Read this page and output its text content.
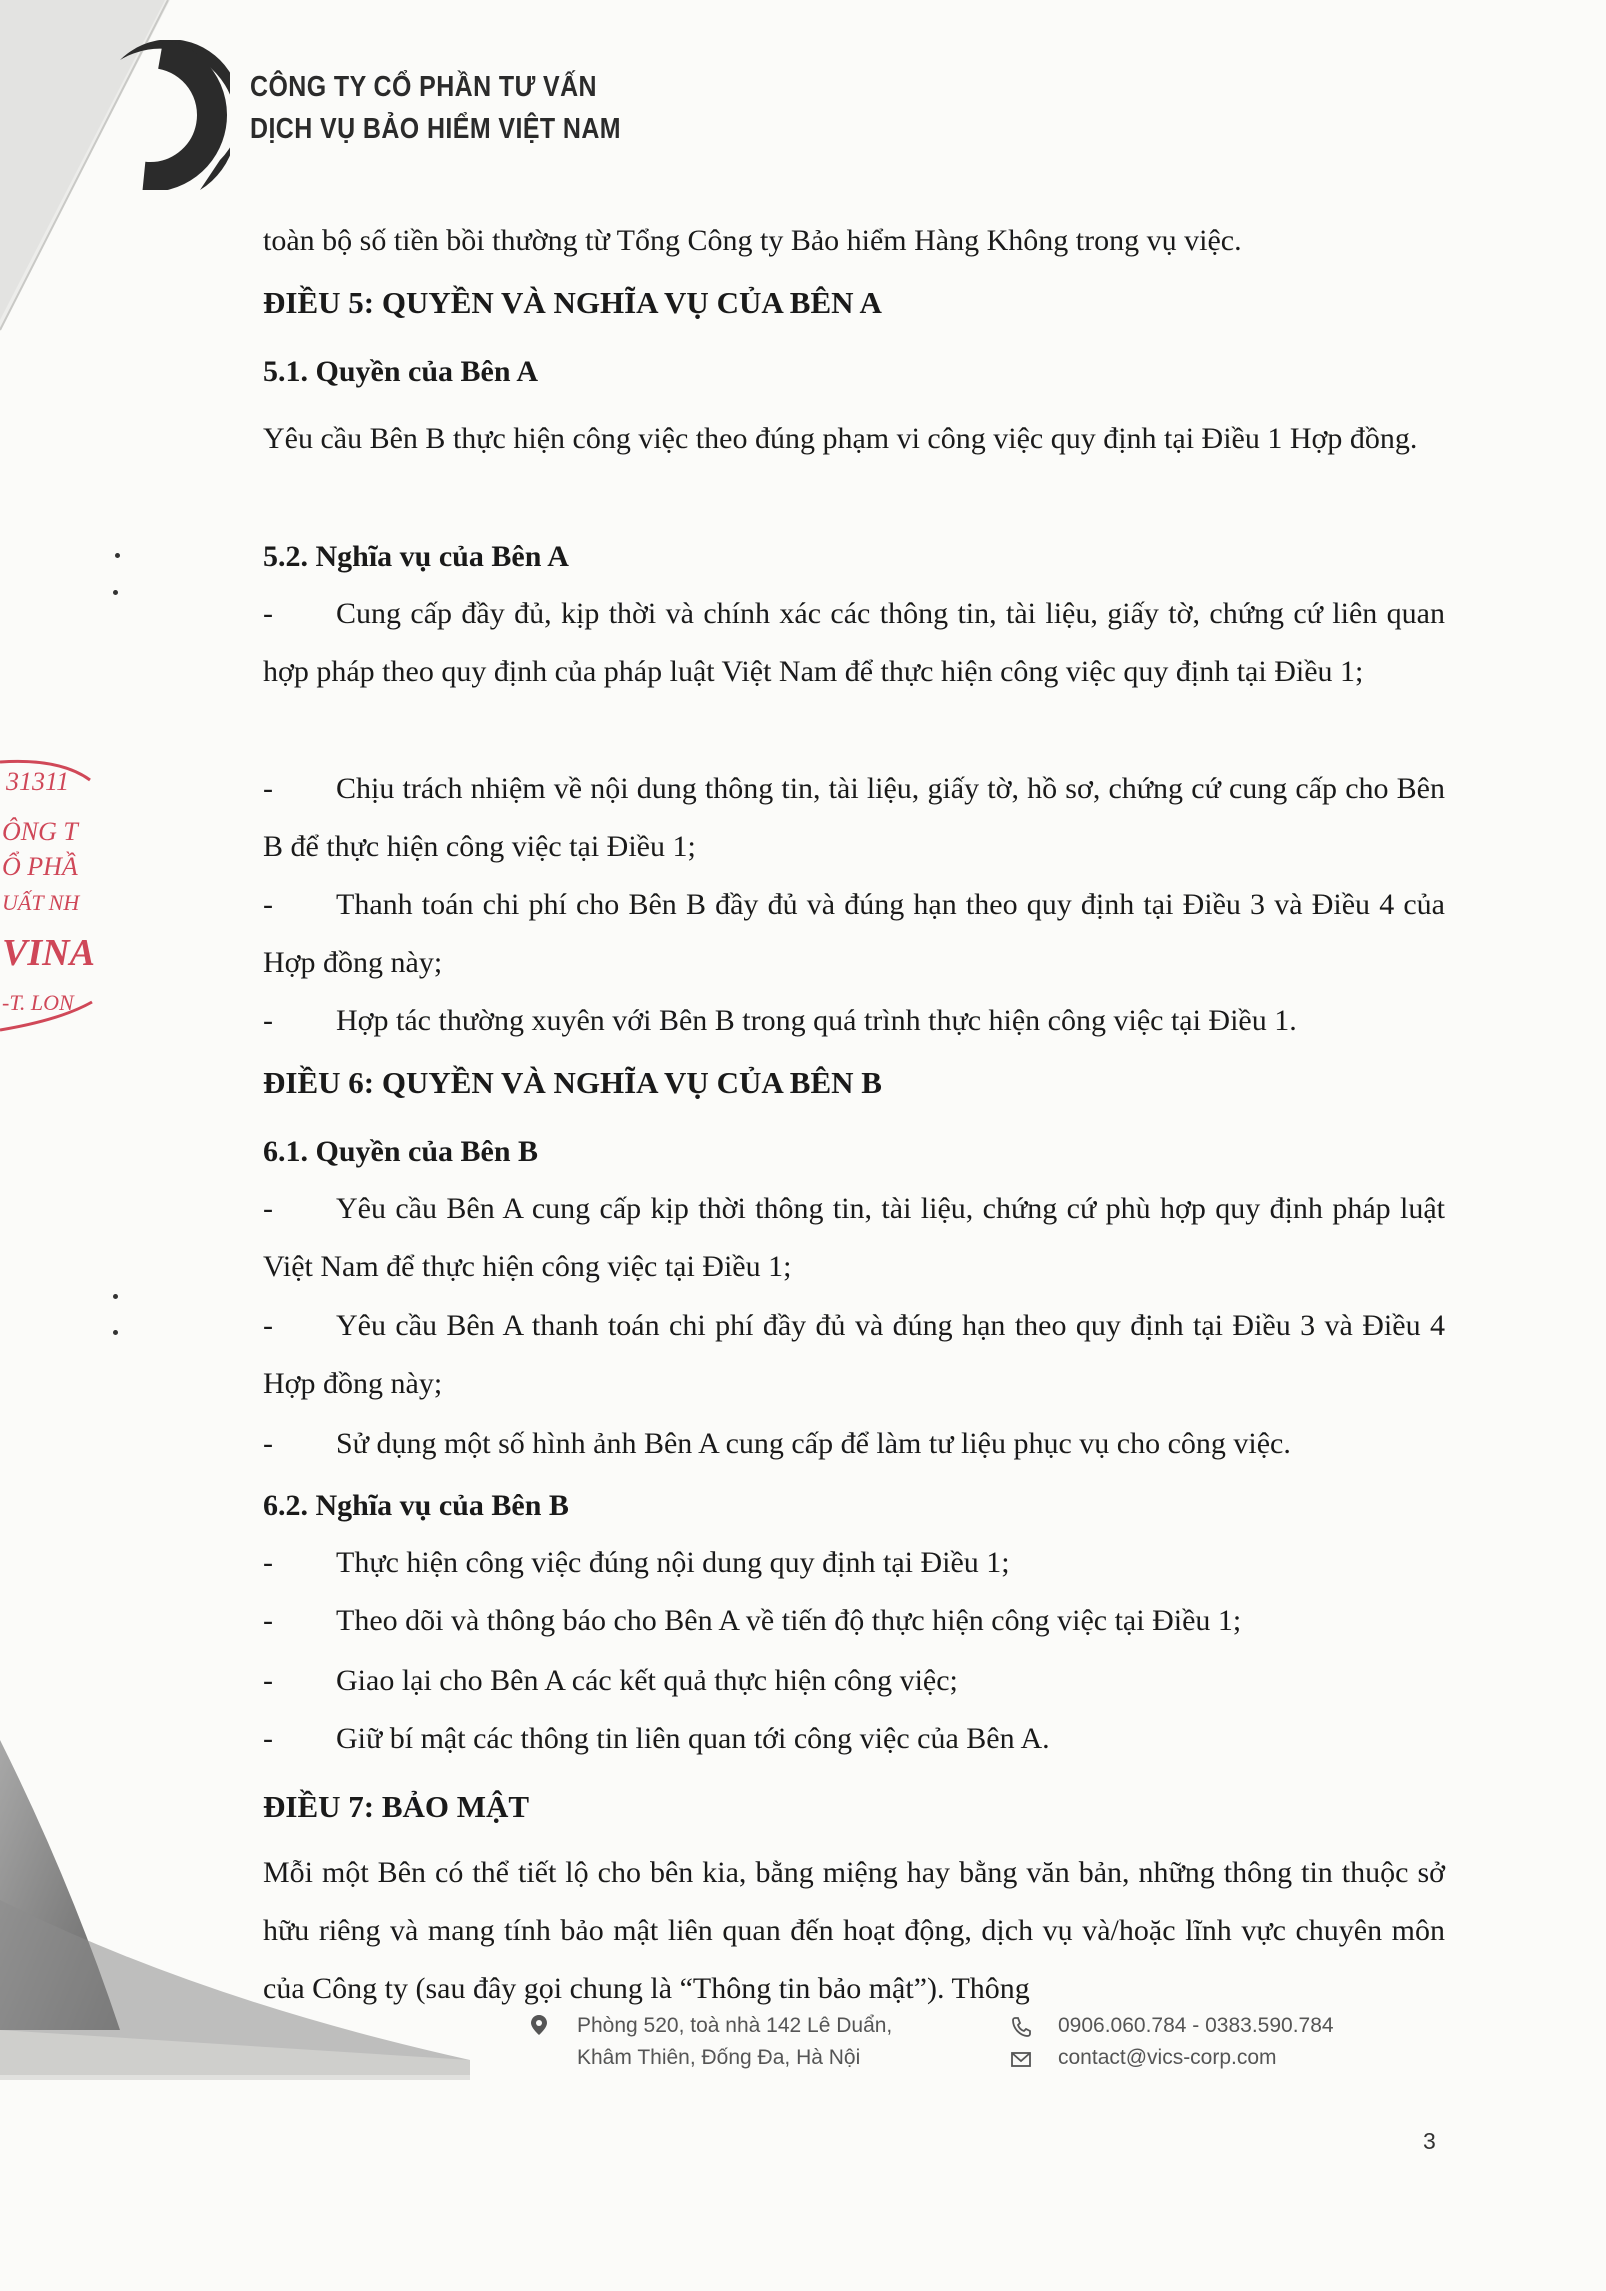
CÔNG TY CỔ PHẦN TƯ VẤN
DỊCH VỤ BẢO HIỂM VIỆT NAM
31311
ÔNG T
Ổ PHẦ
UẤT NH
VINA
-T. LON
toàn bộ số tiền bồi thường từ Tổng Công ty Bảo hiểm Hàng Không trong vụ việc.
ĐIỀU 5: QUYỀN VÀ NGHĨA VỤ CỦA BÊN A
5.1. Quyền của Bên A
Yêu cầu Bên B thực hiện công việc theo đúng phạm vi công việc quy định tại Điều 1 Hợp đồng.
5.2. Nghĩa vụ của Bên A
-	Cung cấp đầy đủ, kịp thời và chính xác các thông tin, tài liệu, giấy tờ, chứng cứ liên quan hợp pháp theo quy định của pháp luật Việt Nam để thực hiện công việc quy định tại Điều 1;
-	Chịu trách nhiệm về nội dung thông tin, tài liệu, giấy tờ, hồ sơ, chứng cứ cung cấp cho Bên B để thực hiện công việc tại Điều 1;
-	Thanh toán chi phí cho Bên B đầy đủ và đúng hạn theo quy định tại Điều 3 và Điều 4 của Hợp đồng này;
-	Hợp tác thường xuyên với Bên B trong quá trình thực hiện công việc tại Điều 1.
ĐIỀU 6: QUYỀN VÀ NGHĨA VỤ CỦA BÊN B
6.1. Quyền của Bên B
-	Yêu cầu Bên A cung cấp kịp thời thông tin, tài liệu, chứng cứ phù hợp quy định pháp luật Việt Nam để thực hiện công việc tại Điều 1;
-	Yêu cầu Bên A thanh toán chi phí đầy đủ và đúng hạn theo quy định tại Điều 3 và Điều 4 Hợp đồng này;
-	Sử dụng một số hình ảnh Bên A cung cấp để làm tư liệu phục vụ cho công việc.
6.2. Nghĩa vụ của Bên B
-	Thực hiện công việc đúng nội dung quy định tại Điều 1;
-	Theo dõi và thông báo cho Bên A về tiến độ thực hiện công việc tại Điều 1;
-	Giao lại cho Bên A các kết quả thực hiện công việc;
-	Giữ bí mật các thông tin liên quan tới công việc của Bên A.
ĐIỀU 7: BẢO MẬT
Mỗi một Bên có thể tiết lộ cho bên kia, bằng miệng hay bằng văn bản, những thông tin thuộc sở hữu riêng và mang tính bảo mật liên quan đến hoạt động, dịch vụ và/hoặc lĩnh vực chuyên môn của Công ty (sau đây gọi chung là “Thông tin bảo mật”). Thông
Phòng 520, toà nhà 142 Lê Duẩn,
Khâm Thiên, Đống Đa, Hà Nội
0906.060.784 - 0383.590.784
contact@vics-corp.com
3
